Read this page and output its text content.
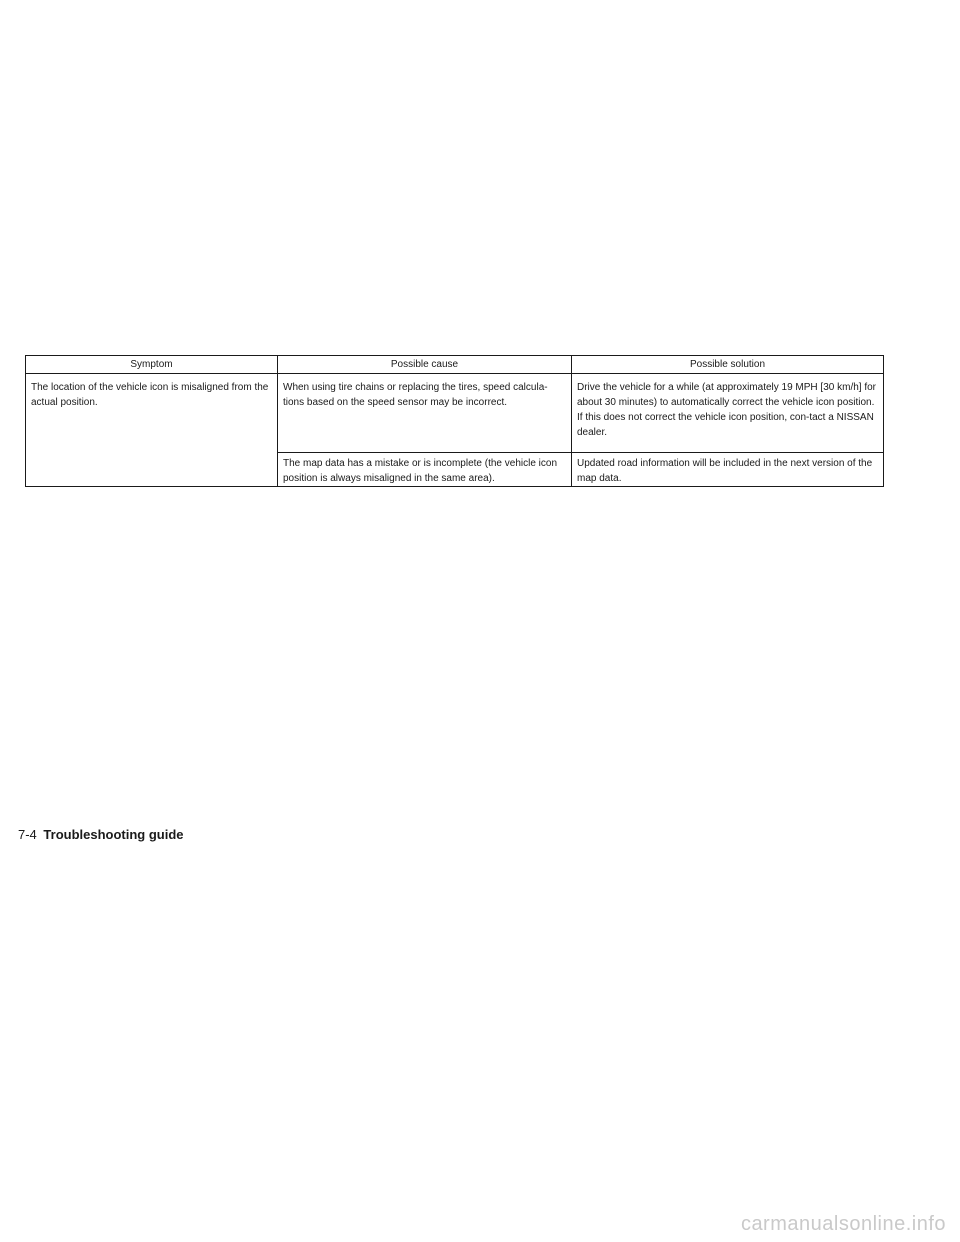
Symptom	Possible cause	Possible solution
The location of the vehicle icon is misaligned from the actual position.	When using tire chains or replacing the tires, speed calcula-tions based on the speed sensor may be incorrect.	Drive the vehicle for a while (at approximately 19 MPH [30 km/h] for about 30 minutes) to automatically correct the vehicle icon position. If this does not correct the vehicle icon position, con-tact a NISSAN dealer.
	The map data has a mistake or is incomplete (the vehicle icon position is always misaligned in the same area).	Updated road information will be included in the next version of the map data.
7-4 Troubleshooting guide
carmanualsonline.info
